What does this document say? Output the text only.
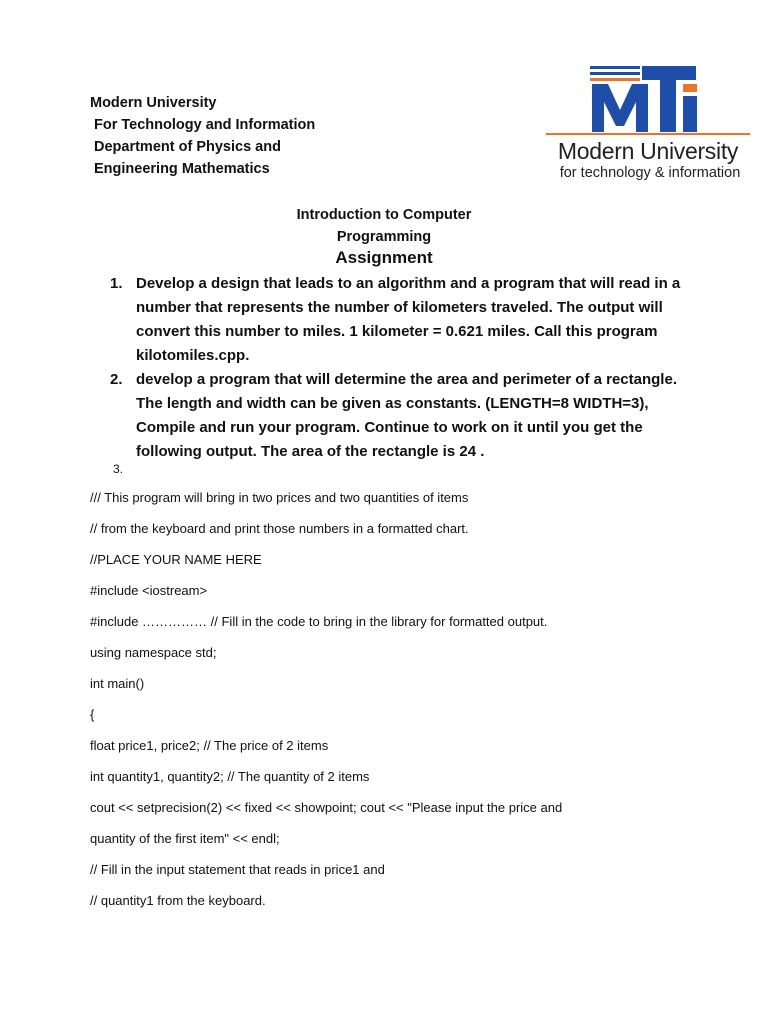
Modern University
For Technology and Information
Department of Physics and
Engineering Mathematics
Modern University
for technology & information
Introduction to Computer
Programming
Assignment
1. Develop a design that leads to an algorithm and a program that will read in a number that represents the number of kilometers traveled. The output will convert this number to miles. 1 kilometer = 0.621 miles. Call this program kilotomiles.cpp.
2. develop a program that will determine the area and perimeter of a rectangle. The length and width can be given as constants. (LENGTH=8 WIDTH=3), Compile and run your program. Continue to work on it until you get the following output. The area of the rectangle is 24 .
3.
/// This program will bring in two prices and two quantities of items
// from the keyboard and print those numbers in a formatted chart.
//PLACE YOUR NAME HERE
#include <iostream>
#include …………… // Fill in the code to bring in the library for formatted output.
using namespace std;
int main()
{
float price1, price2; // The price of 2 items
int quantity1, quantity2; // The quantity of 2 items
cout << setprecision(2) << fixed << showpoint; cout << "Please input the price and
quantity of the first item" << endl;
// Fill in the input statement that reads in price1 and
// quantity1 from the keyboard.
